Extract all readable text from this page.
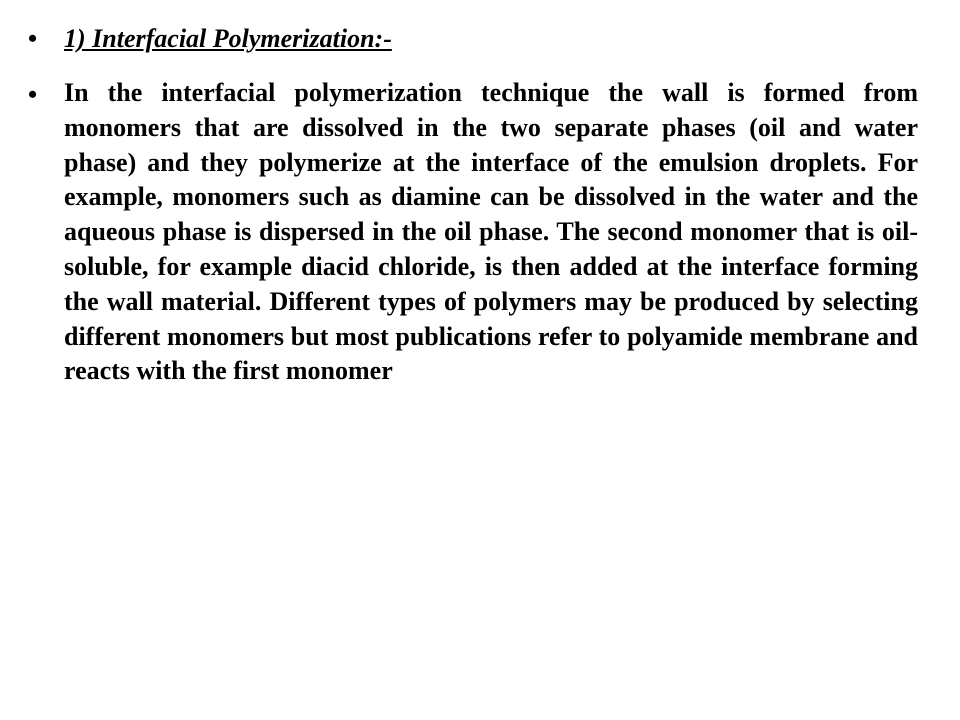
• 1) Interfacial Polymerization:-
• In the interfacial polymerization technique the wall is formed from monomers that are dissolved in the two separate phases (oil and water phase) and they polymerize at the interface of the emulsion droplets. For example, monomers such as diamine can be dissolved in the water and the aqueous phase is dispersed in the oil phase. The second monomer that is oil-soluble, for example diacid chloride, is then added at the interface forming the wall material. Different types of polymers may be produced by selecting different monomers but most publications refer to polyamide membrane and reacts with the first monomer
